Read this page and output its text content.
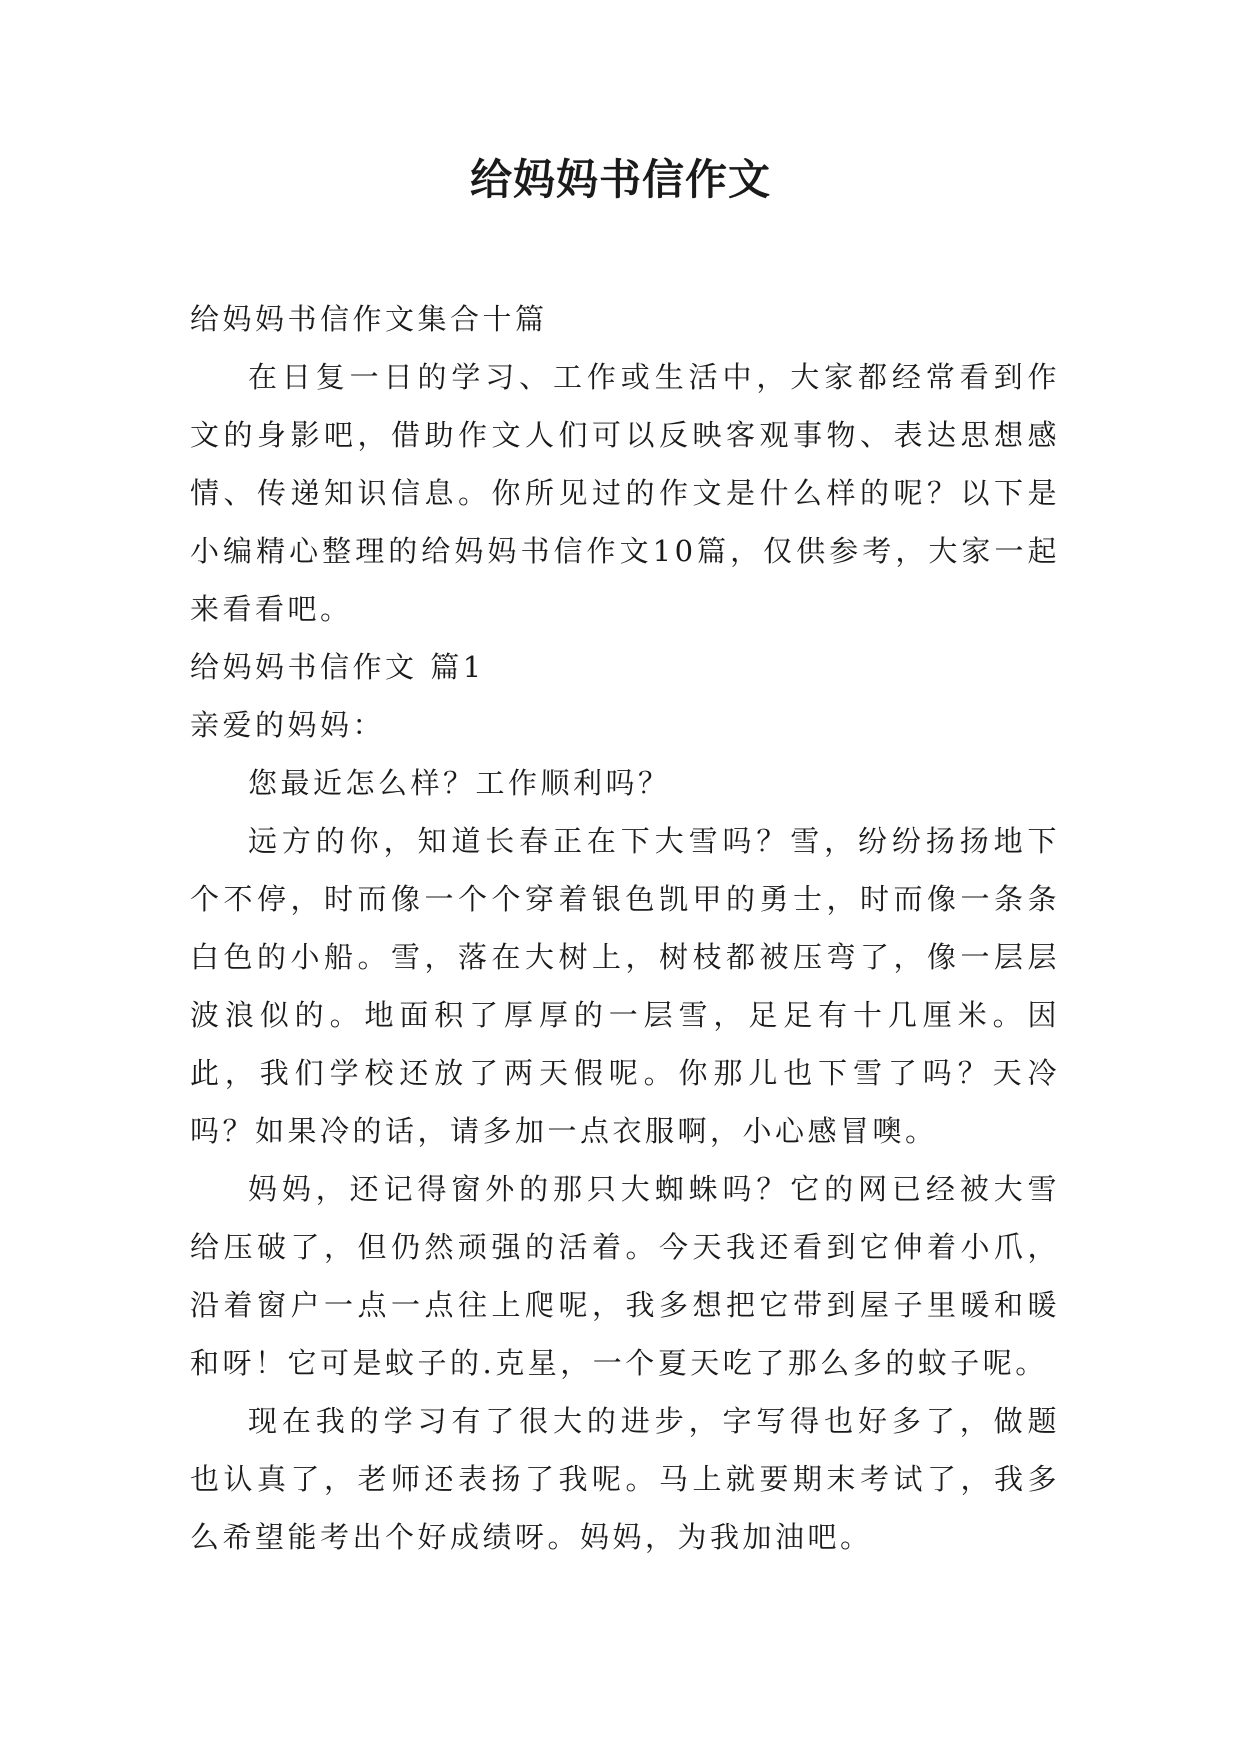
给妈妈书信作文

给妈妈书信作文集合十篇

在日复一日的学习、工作或生活中，大家都经常看到作文的身影吧，借助作文人们可以反映客观事物、表达思想感情、传递知识信息。你所见过的作文是什么样的呢？以下是小编精心整理的给妈妈书信作文10篇，仅供参考，大家一起来看看吧。

给妈妈书信作文 篇1

亲爱的妈妈：

您最近怎么样？工作顺利吗？

远方的你，知道长春正在下大雪吗？雪，纷纷扬扬地下个不停，时而像一个个穿着银色凯甲的勇士，时而像一条条白色的小船。雪，落在大树上，树枝都被压弯了，像一层层波浪似的。地面积了厚厚的一层雪，足足有十几厘米。因此，我们学校还放了两天假呢。你那儿也下雪了吗？天冷吗？如果冷的话，请多加一点衣服啊，小心感冒噢。

妈妈，还记得窗外的那只大蜘蛛吗？它的网已经被大雪给压破了，但仍然顽强的活着。今天我还看到它伸着小爪，沿着窗户一点一点往上爬呢，我多想把它带到屋子里暖和暖和呀！它可是蚊子的.克星，一个夏天吃了那么多的蚊子呢。

现在我的学习有了很大的进步，字写得也好多了，做题也认真了，老师还表扬了我呢。马上就要期末考试了，我多么希望能考出个好成绩呀。妈妈，为我加油吧。
